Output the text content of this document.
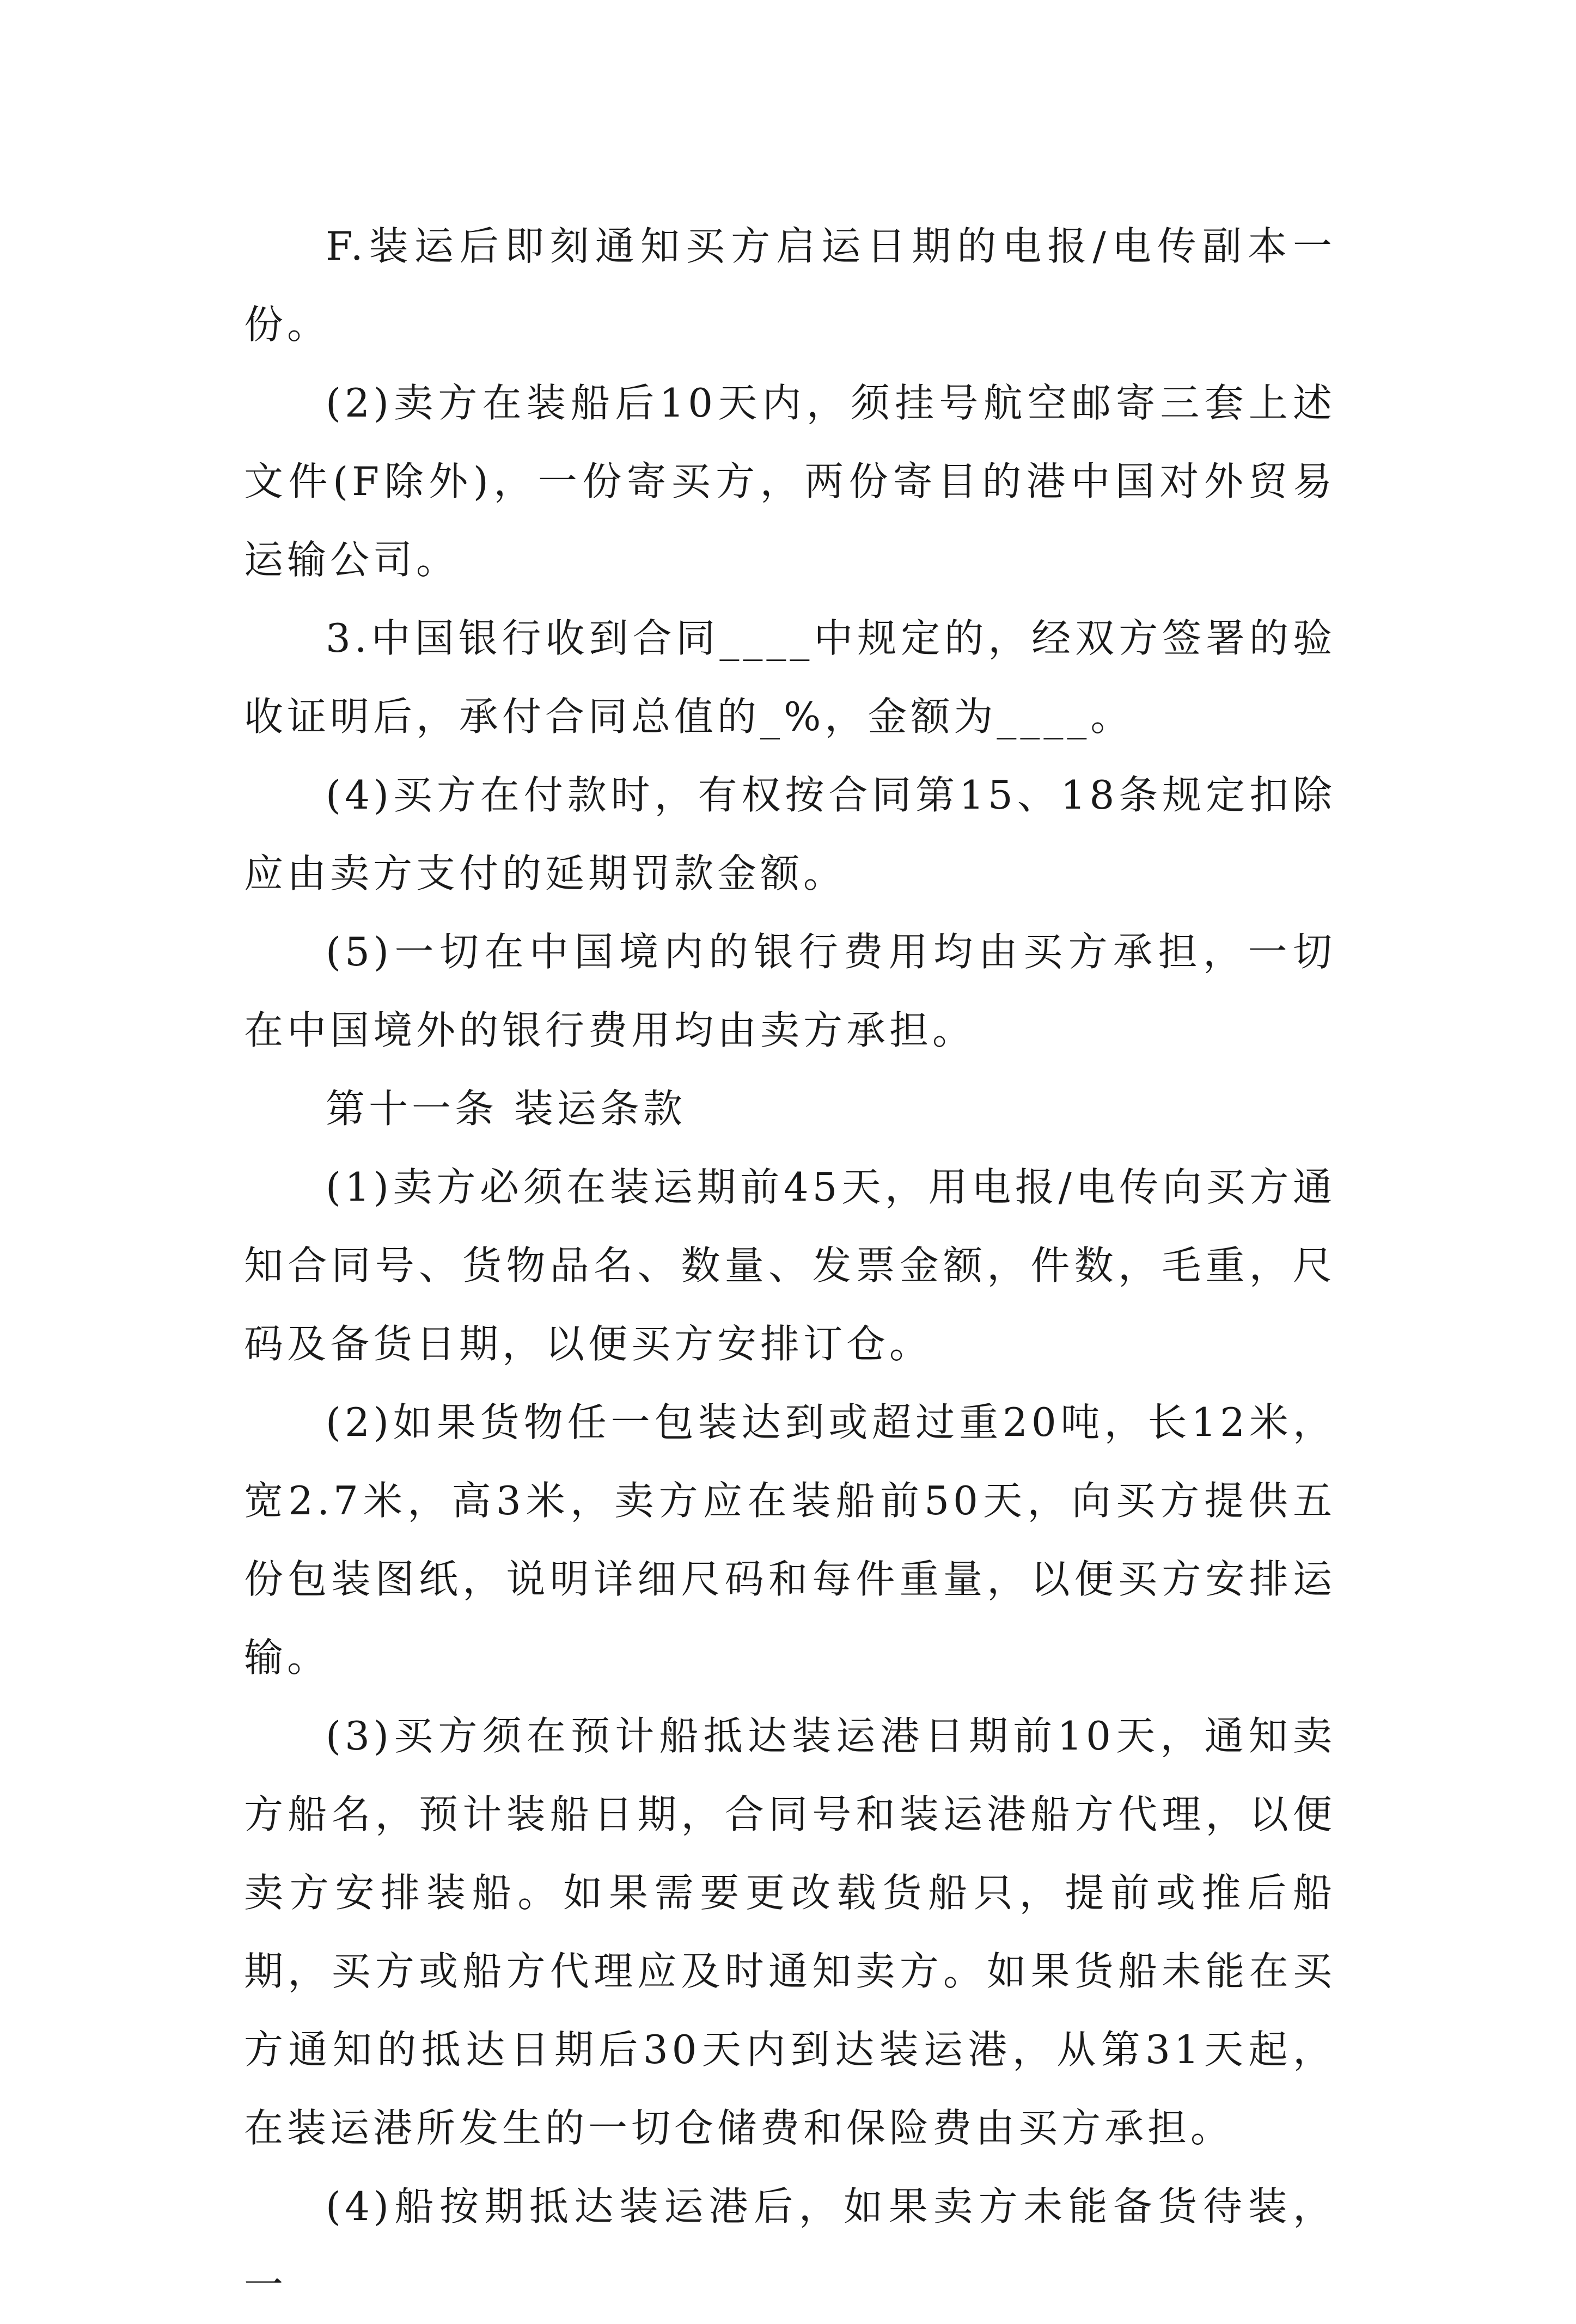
F.装运后即刻通知买方启运日期的电报/电传副本一份。

(2)卖方在装船后10天内，须挂号航空邮寄三套上述文件(F除外)，一份寄买方，两份寄目的港中国对外贸易运输公司。

3.中国银行收到合同____中规定的，经双方签署的验收证明后，承付合同总值的_%，金额为____。

(4)买方在付款时，有权按合同第15、18条规定扣除应由卖方支付的延期罚款金额。

(5)一切在中国境内的银行费用均由买方承担，一切在中国境外的银行费用均由卖方承担。

第十一条 装运条款

(1)卖方必须在装运期前45天，用电报/电传向买方通知合同号、货物品名、数量、发票金额，件数，毛重，尺码及备货日期，以便买方安排订仓。

(2)如果货物任一包装达到或超过重20吨，长12米，宽2.7米，高3米，卖方应在装船前50天，向买方提供五份包装图纸，说明详细尺码和每件重量，以便买方安排运输。

(3)买方须在预计船抵达装运港日期前10天，通知卖方船名，预计装船日期，合同号和装运港船方代理，以便卖方安排装船。如果需要更改载货船只，提前或推后船期，买方或船方代理应及时通知卖方。如果货船未能在买方通知的抵达日期后30天内到达装运港，从第31天起，在装运港所发生的一切仓储费和保险费由买方承担。

(4)船按期抵达装运港后，如果卖方未能备货待装，一
